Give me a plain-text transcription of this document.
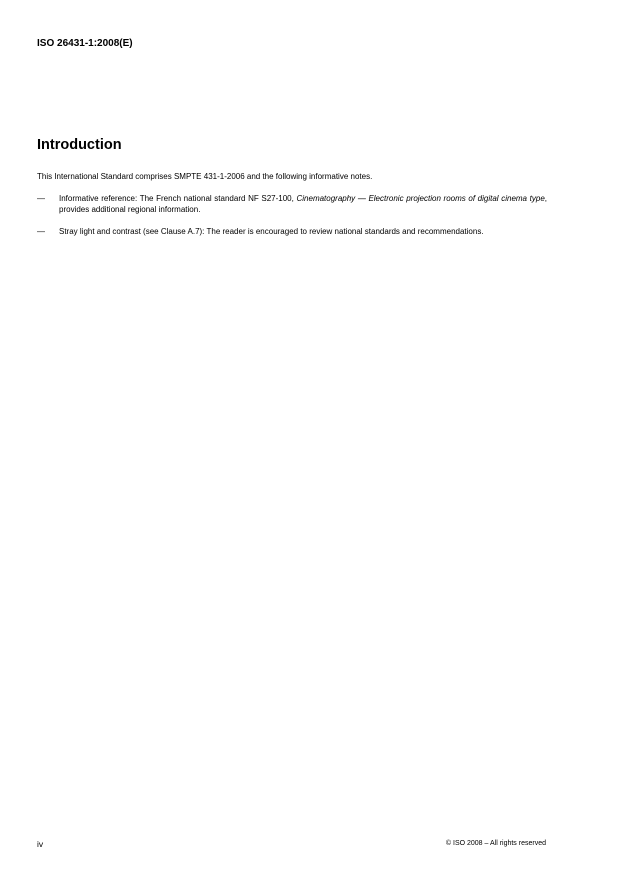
ISO 26431-1:2008(E)

Introduction

This International Standard comprises SMPTE 431-1-2006 and the following informative notes.

— Informative reference: The French national standard NF S27-100, Cinematography — Electronic projection rooms of digital cinema type, provides additional regional information.
— Stray light and contrast (see Clause A.7): The reader is encouraged to review national standards and recommendations.

iv	© ISO 2008 – All rights reserved
